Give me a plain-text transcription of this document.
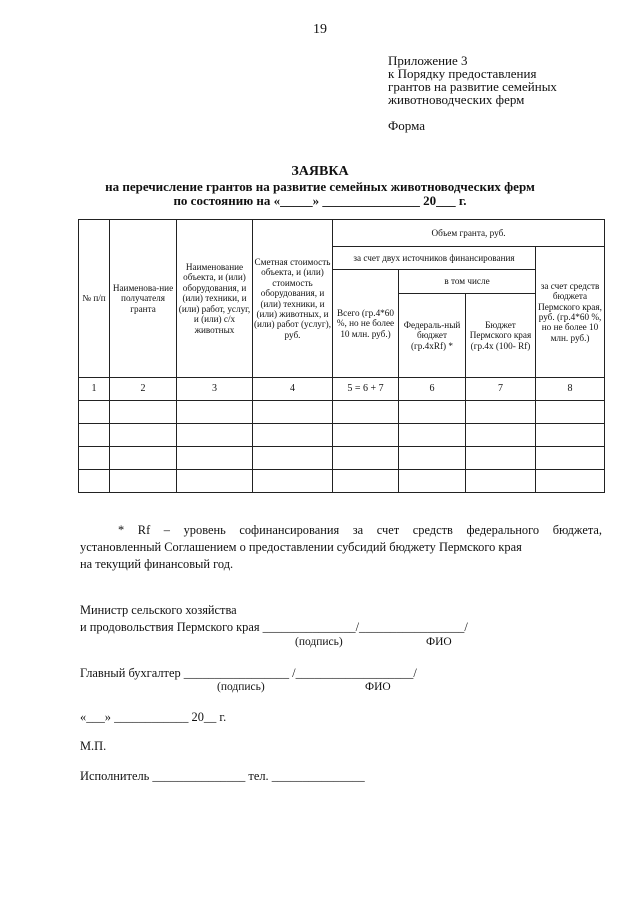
19
Приложение 3
к Порядку предоставления
грантов на развитие семейных
животноводческих ферм
Форма
ЗАЯВКА
на перечисление грантов на развитие семейных животноводческих ферм
по состоянию на «_____» _______________ 20___ г.
№ п/п	Наименова-ние получателя гранта	Наименование объекта, и (или) оборудования, и (или) техники, и (или) работ, услуг, и (или) с/х животных	Сметная стоимость объекта, и (или) стоимость оборудования, и (или) техники, и (или) животных, и (или) работ (услуг), руб.	Объем гранта, руб.			
				за счет двух источников финансирования			за счет средств бюджета Пермского края, руб. (гр.4*60 %, но не более 10 млн. руб.)
				Всего (гр.4*60 %, но не более 10 млн. руб.)	в том числе		
					Федераль-ный бюджет (гр.4xRf) *	Бюджет Пермского края (гр.4x (100- Rf)	
1	2	3	4	5 = 6 + 7	6	7	8

* Rf – уровень софинансирования за счет средств федерального бюджета,
установленный Соглашением о предоставлении субсидий бюджету Пермского края
на текущий финансовый год.
Министр сельского хозяйства
и продовольствия Пермского края _______________/_________________/
(подпись)	ФИО
Главный бухгалтер _________________ /___________________/
(подпись)	ФИО
«___» ____________ 20__ г.
М.П.
Исполнитель _______________ тел. _______________
